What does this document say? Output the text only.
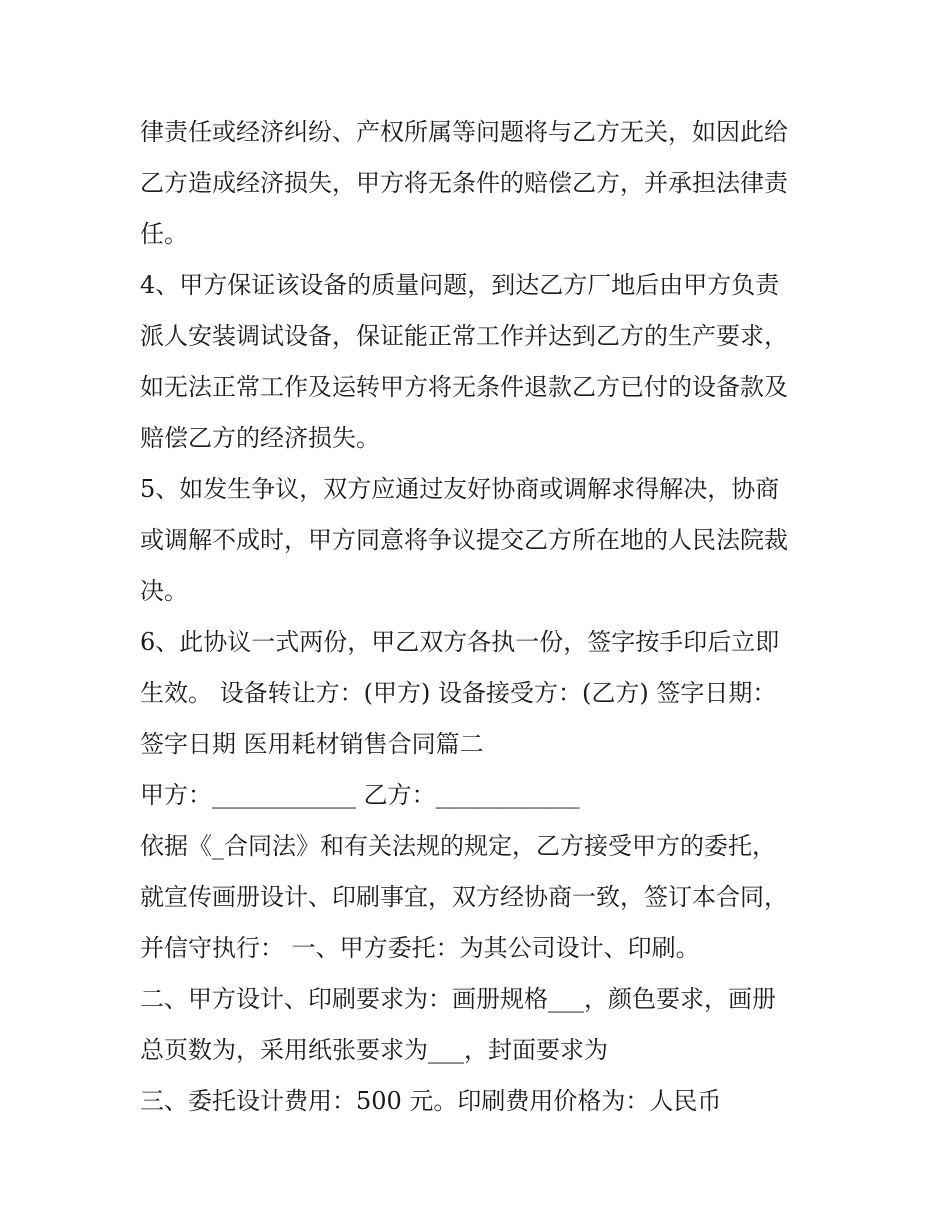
律责任或经济纠纷、产权所属等问题将与乙方无关，如因此给
乙方造成经济损失，甲方将无条件的赔偿乙方，并承担法律责
任。
4、甲方保证该设备的质量问题，到达乙方厂地后由甲方负责
派人安装调试设备，保证能正常工作并达到乙方的生产要求，
如无法正常工作及运转甲方将无条件退款乙方已付的设备款及
赔偿乙方的经济损失。
5、如发生争议，双方应通过友好协商或调解求得解决，协商
或调解不成时，甲方同意将争议提交乙方所在地的人民法院裁
决。
6、此协议一式两份，甲乙双方各执一份，签字按手印后立即
生效。 设备转让方：(甲方) 设备接受方：(乙方) 签字日期：
签字日期 医用耗材销售合同篇二
甲方：____________ 乙方：____________
依据《_合同法》和有关法规的规定，乙方接受甲方的委托，
就宣传画册设计、印刷事宜，双方经协商一致，签订本合同，
并信守执行： 一、甲方委托：为其公司设计、印刷。
二、甲方设计、印刷要求为：画册规格___，颜色要求，画册
总页数为，采用纸张要求为___，封面要求为
三、委托设计费用：500 元。印刷费用价格为：人民币
